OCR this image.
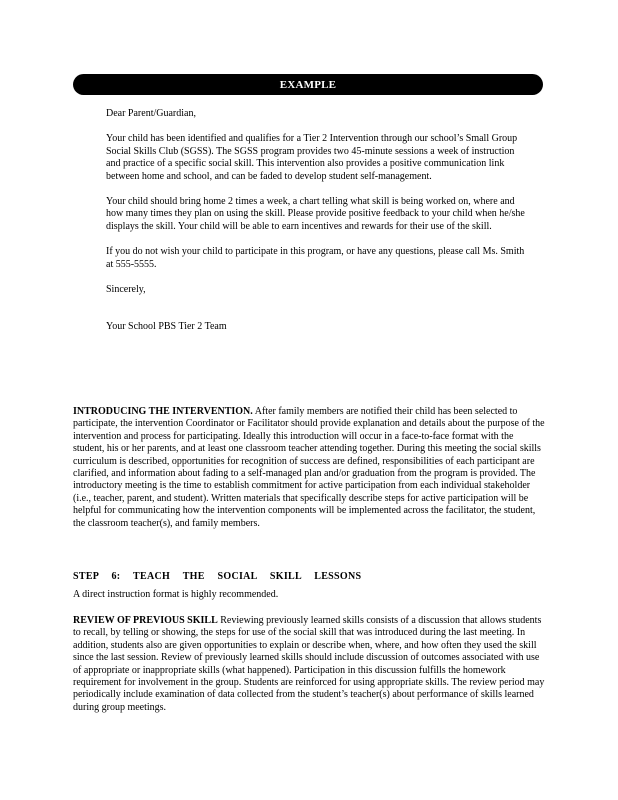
EXAMPLE

Dear Parent/Guardian,

Your child has been identified and qualifies for a Tier 2 Intervention through our school’s Small Group Social Skills Club (SGSS). The SGSS program provides two 45-minute sessions a week of instruction and practice of a specific social skill. This intervention also provides a positive communication link between home and school, and can be faded to develop student self-management.

Your child should bring home 2 times a week, a chart telling what skill is being worked on, where and how many times they plan on using the skill. Please provide positive feedback to your child when he/she displays the skill. Your child will be able to earn incentives and rewards for their use of the skill.

If you do not wish your child to participate in this program, or have any questions, please call Ms. Smith at 555-5555.

Sincerely,

Your School PBS Tier 2 Team

INTRODUCING THE INTERVENTION. After family members are notified their child has been selected to participate, the intervention Coordinator or Facilitator should provide explanation and details about the purpose of the intervention and process for participating. Ideally this introduction will occur in a face-to-face format with the student, his or her parents, and at least one classroom teacher attending together. During this meeting the social skills curriculum is described, opportunities for recognition of success are defined, responsibilities of each participant are clarified, and information about fading to a self-managed plan and/or graduation from the program is provided. The introductory meeting is the time to establish commitment for active participation from each individual stakeholder (i.e., teacher, parent, and student). Written materials that specifically describe steps for active participation will be helpful for communicating how the intervention components will be implemented across the facilitator, the student, the classroom teacher(s), and family members.

STEP 6: TEACH THE SOCIAL SKILL LESSONS
A direct instruction format is highly recommended.

REVIEW OF PREVIOUS SKILL Reviewing previously learned skills consists of a discussion that allows students to recall, by telling or showing, the steps for use of the social skill that was introduced during the last meeting. In addition, students also are given opportunities to explain or describe when, where, and how often they used the skill since the last session. Review of previously learned skills should include discussion of outcomes associated with use of appropriate or inappropriate skills (what happened). Participation in this discussion fulfills the homework requirement for involvement in the group. Students are reinforced for using appropriate skills. The review period may periodically include examination of data collected from the student’s teacher(s) about performance of skills learned during group meetings.
